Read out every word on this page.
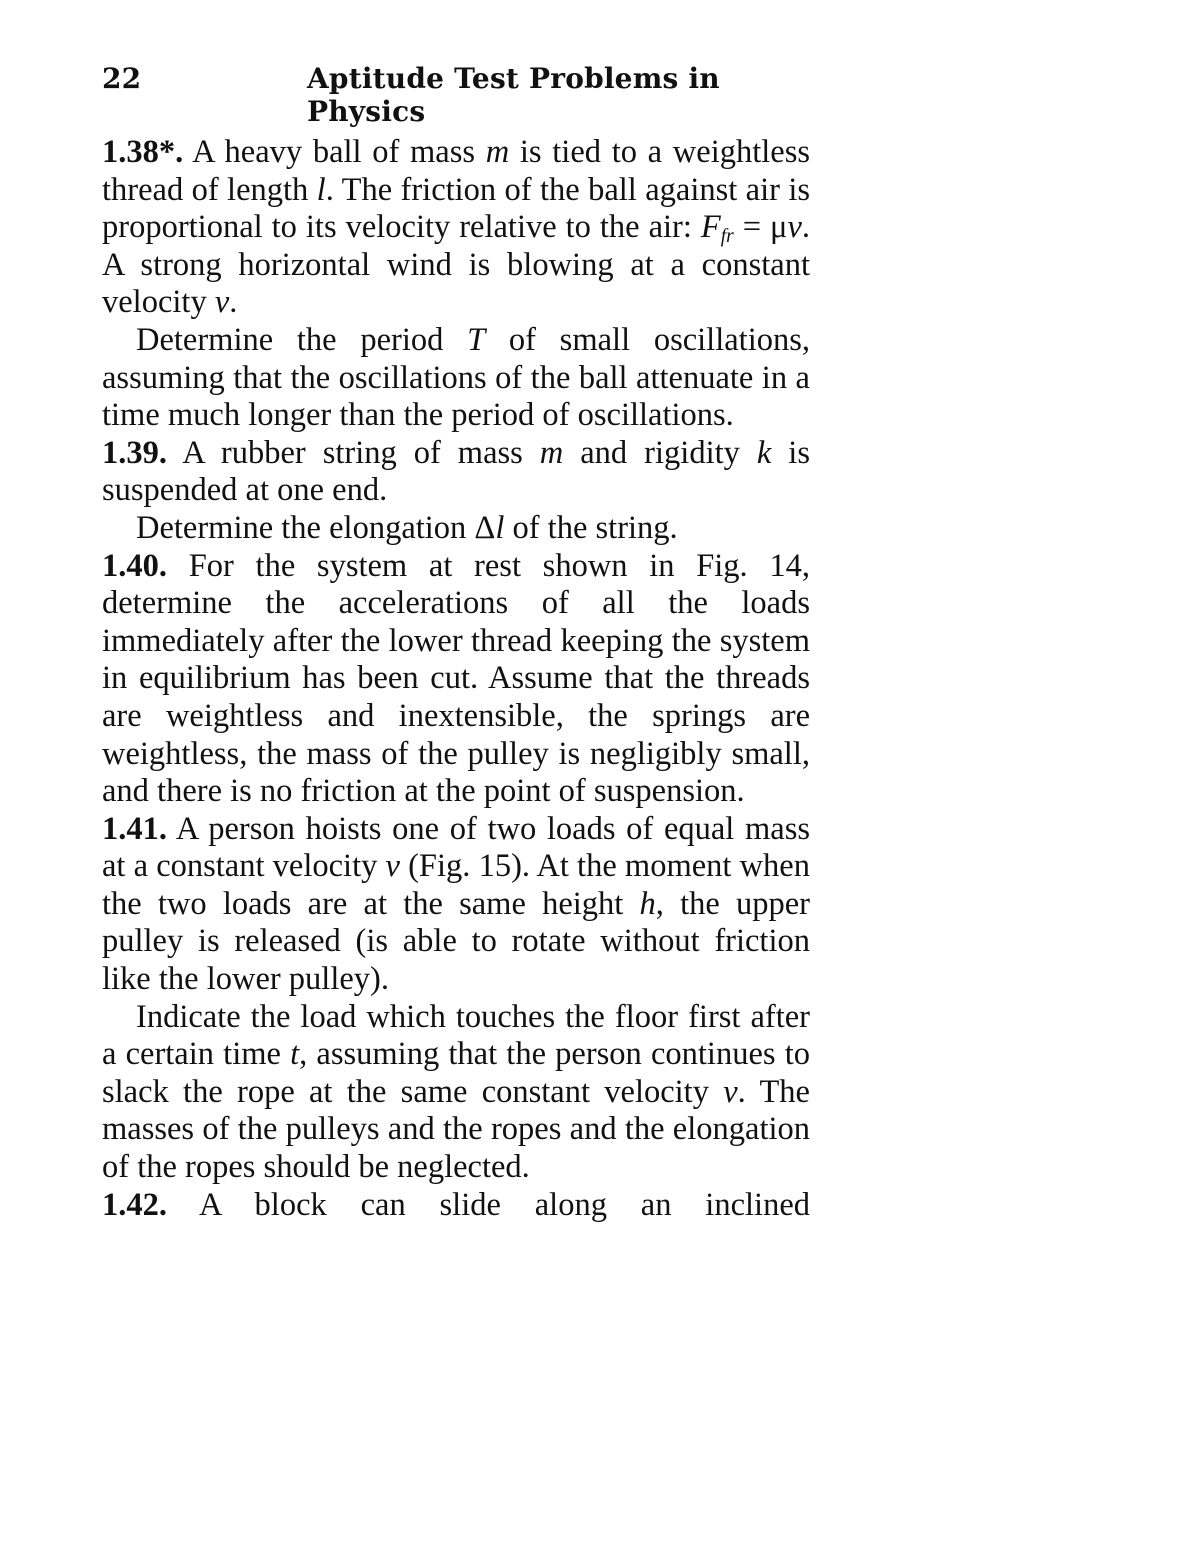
22	Aptitude Test Problems in Physics

1.38*. A heavy ball of mass m is tied to a weightless thread of length l. The friction of the ball against air is proportional to its velocity relative to the air: $F_{fr} = \mu v$. A strong horizontal wind is blowing at a constant velocity v.

Determine the period T of small oscillations, assuming that the oscillations of the ball attenuate in a time much longer than the period of oscillations.

1.39. A rubber string of mass m and rigidity k is suspended at one end.

Determine the elongation Δl of the string.

1.40. For the system at rest shown in Fig. 14, determine the accelerations of all the loads immediately after the lower thread keeping the system in equilibrium has been cut. Assume that the threads are weightless and inextensible, the springs are weightless, the mass of the pulley is negligibly small, and there is no friction at the point of suspension.

1.41. A person hoists one of two loads of equal mass at a constant velocity v (Fig. 15). At the moment when the two loads are at the same height h, the upper pulley is released (is able to rotate without friction like the lower pulley).

Indicate the load which touches the floor first after a certain time t, assuming that the person continues to slack the rope at the same constant velocity v. The masses of the pulleys and the ropes and the elongation of the ropes should be neglected.

1.42. A block can slide along an inclined
